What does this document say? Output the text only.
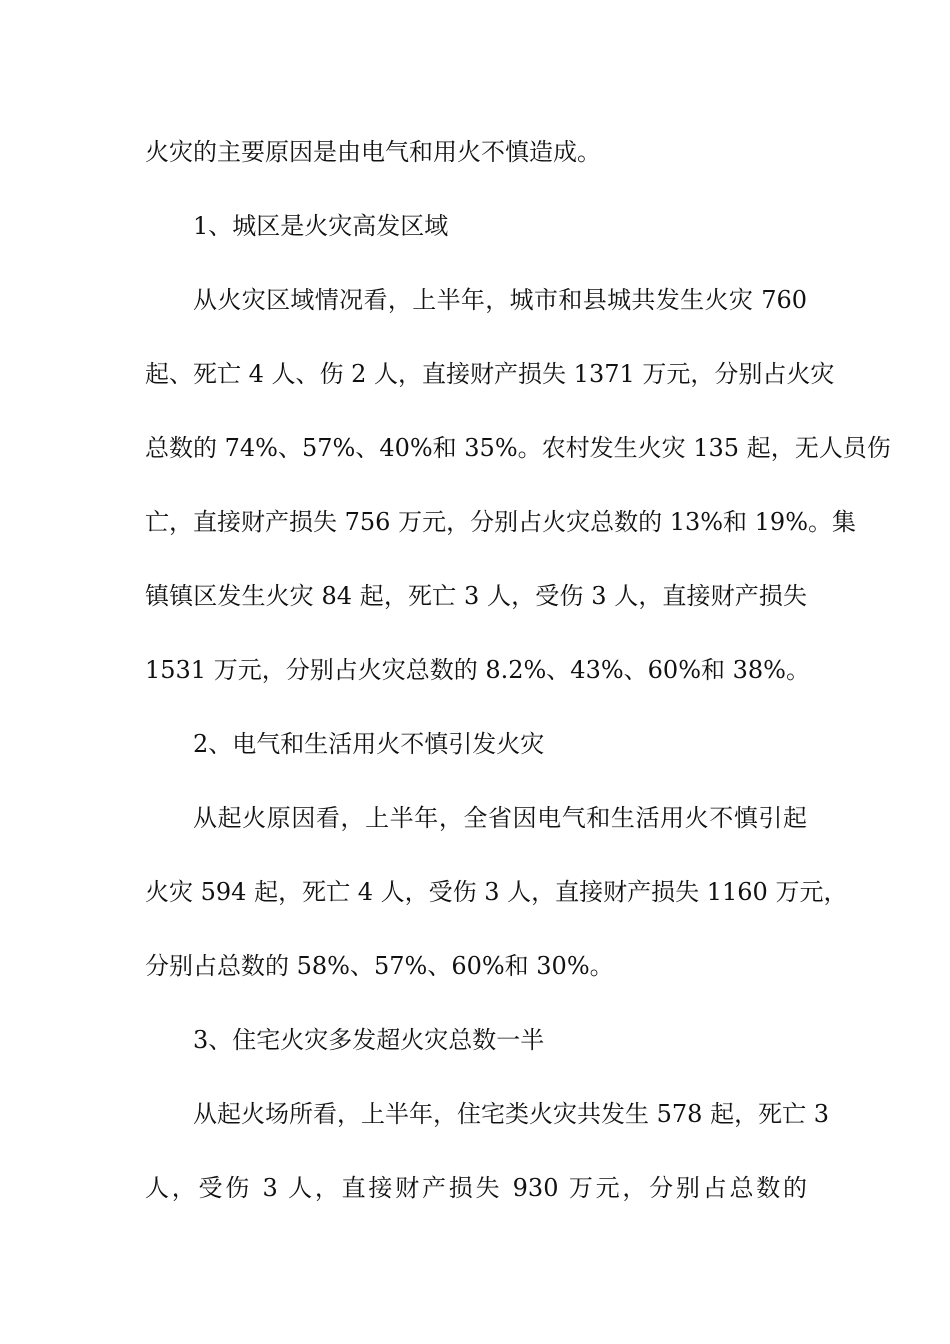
火灾的主要原因是由电气和用火不慎造成。
1、城区是火灾高发区域
从火灾区域情况看，上半年，城市和县城共发生火灾 760
起、死亡 4 人、伤 2 人，直接财产损失 1371 万元，分别占火灾
总数的 74%、57%、40%和 35%。农村发生火灾 135 起，无人员伤
亡，直接财产损失 756 万元，分别占火灾总数的 13%和 19%。集
镇镇区发生火灾 84 起，死亡 3 人，受伤 3 人，直接财产损失
1531 万元，分别占火灾总数的 8.2%、43%、60%和 38%。
2、电气和生活用火不慎引发火灾
从起火原因看，上半年，全省因电气和生活用火不慎引起
火灾 594 起，死亡 4 人，受伤 3 人，直接财产损失 1160 万元，
分别占总数的 58%、57%、60%和 30%。
3、住宅火灾多发超火灾总数一半
从起火场所看，上半年，住宅类火灾共发生 578 起，死亡 3
人，受伤 3 人，直接财产损失 930 万元，分别占总数的
